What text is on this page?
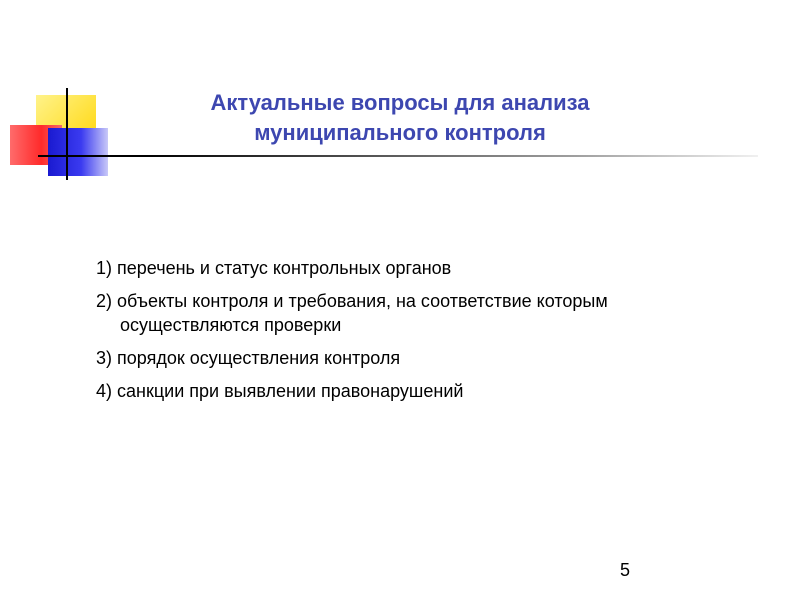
Актуальные вопросы для анализа
муниципального контроля
1) перечень и статус контрольных органов
2) объекты контроля и требования, на соответствие которым осуществляются проверки
3) порядок осуществления контроля
4) санкции при выявлении правонарушений
5
